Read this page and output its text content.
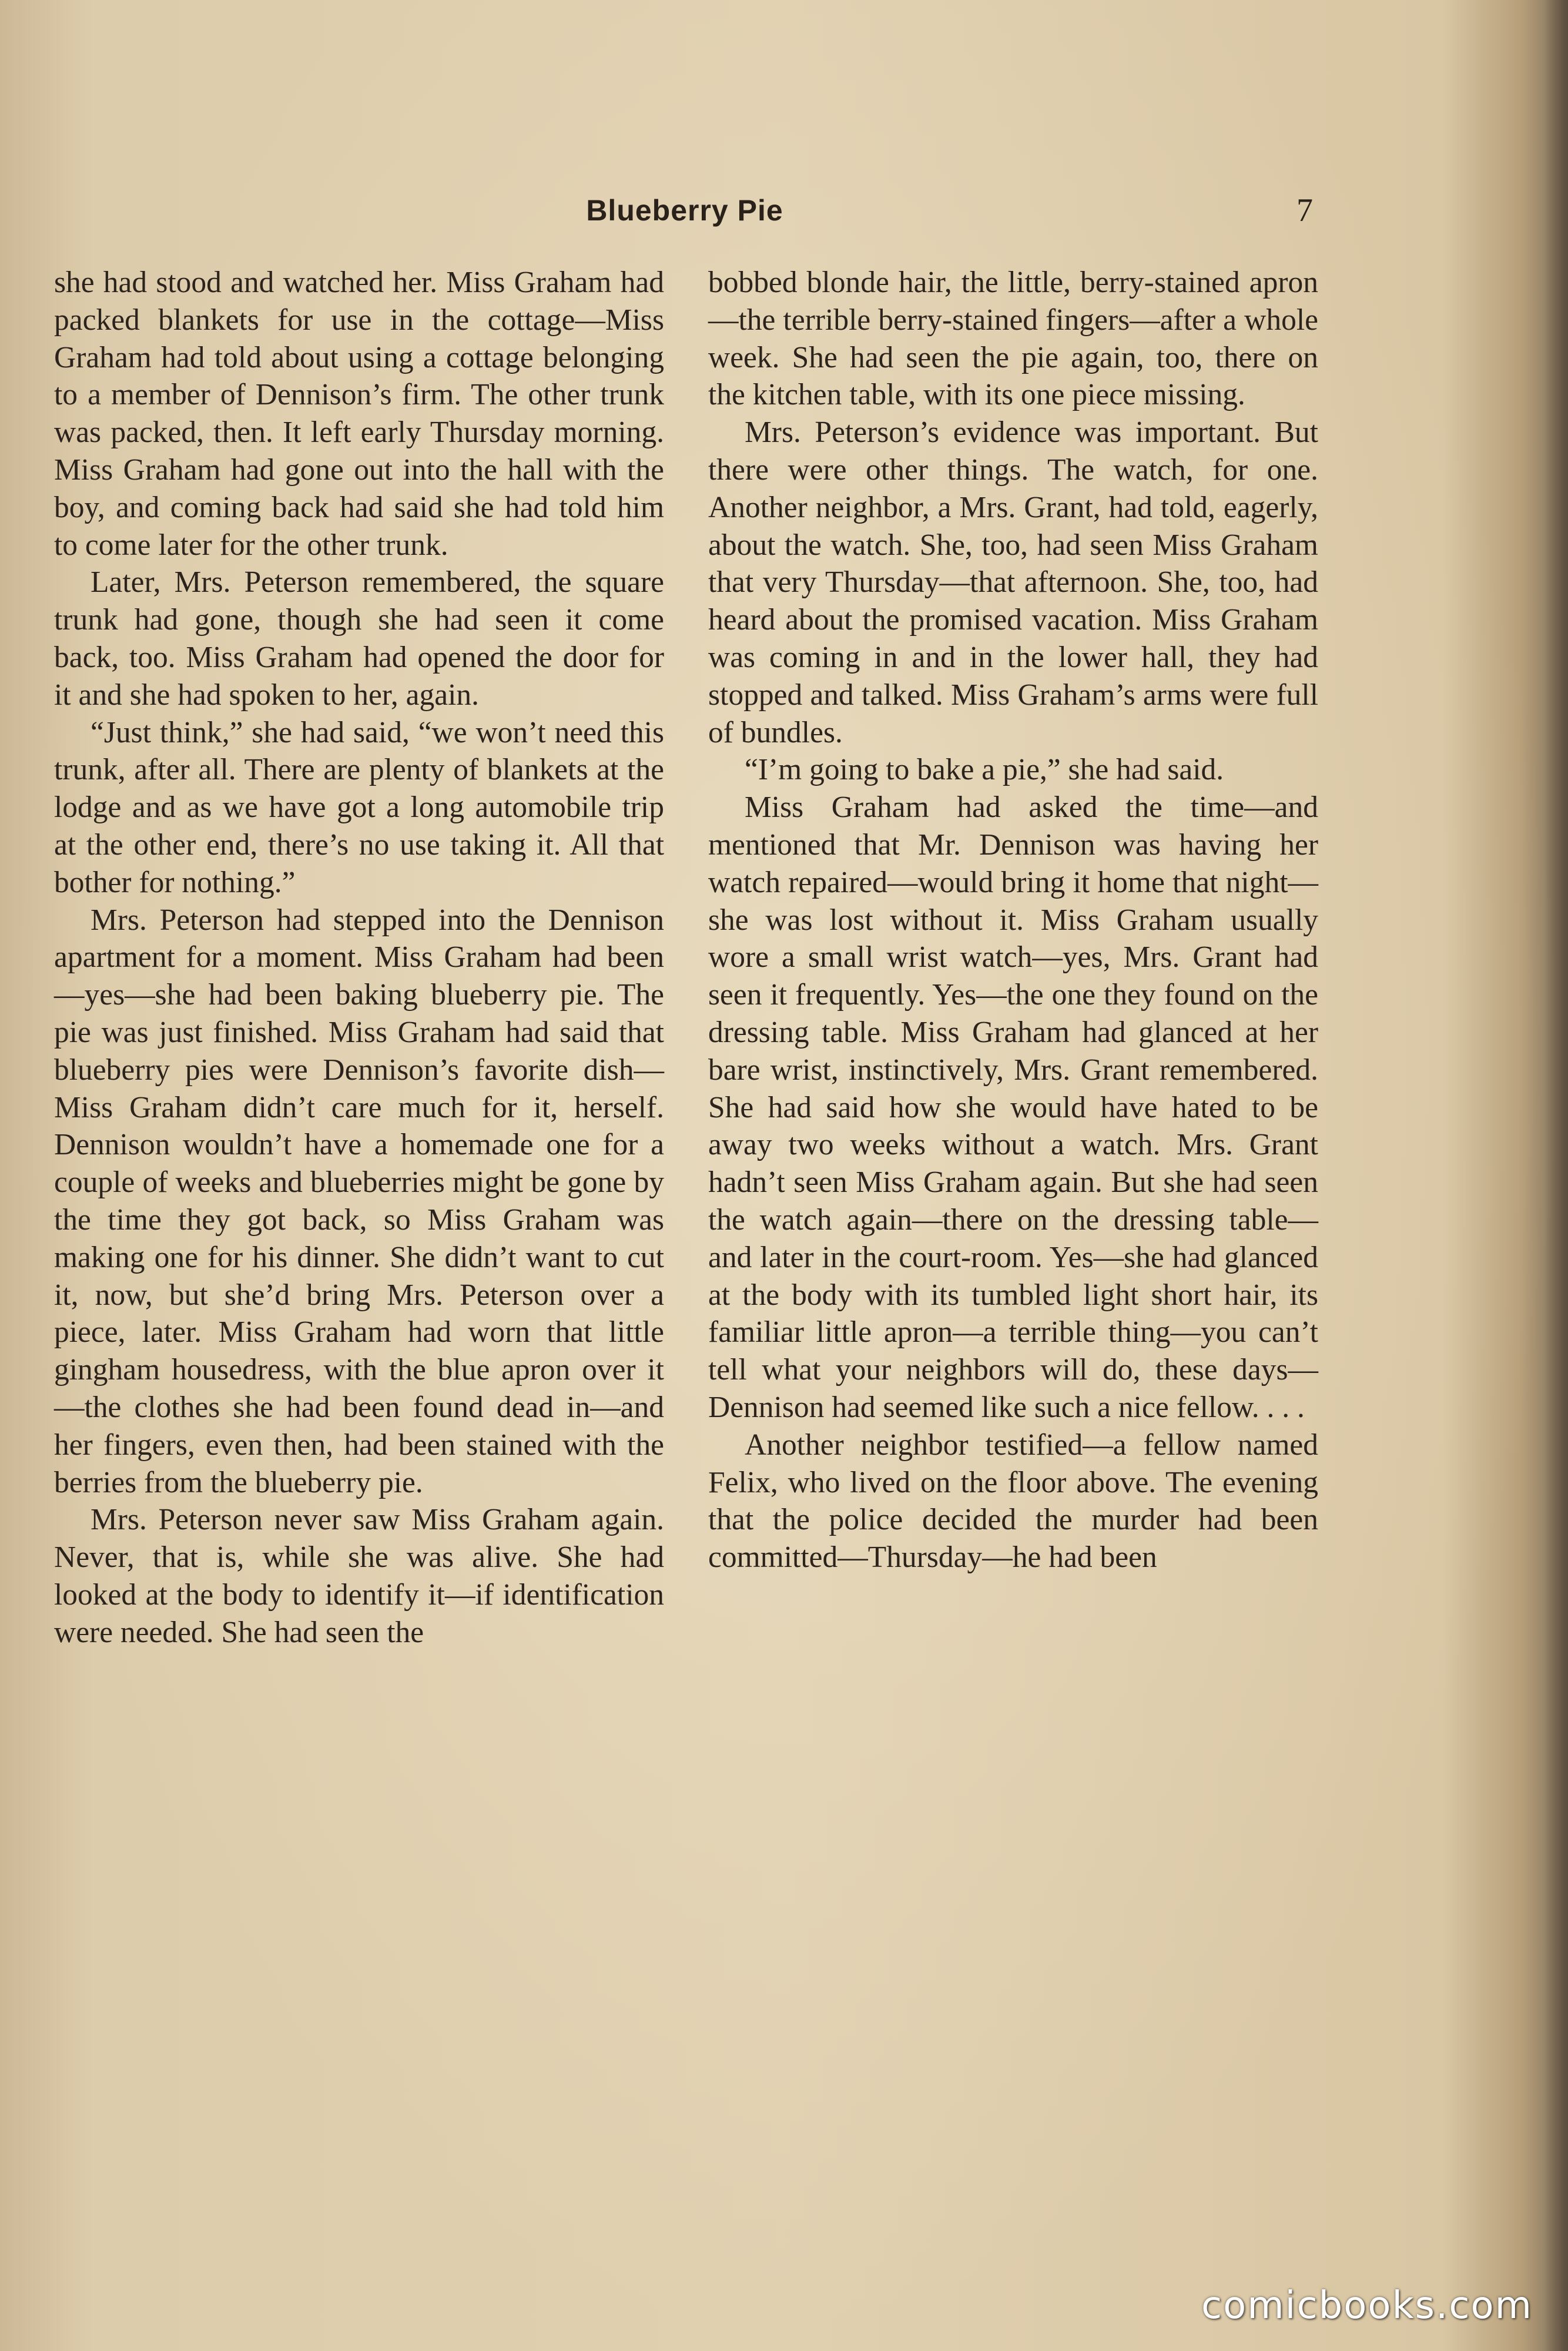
Blueberry Pie	7

she had stood and watched her. Miss Graham had packed blankets for use in the cottage—Miss Graham had told about using a cottage belonging to a member of Dennison’s firm. The other trunk was packed, then. It left early Thursday morning. Miss Graham had gone out into the hall with the boy, and coming back had said she had told him to come later for the other trunk.

Later, Mrs. Peterson remembered, the square trunk had gone, though she had seen it come back, too. Miss Graham had opened the door for it and she had spoken to her, again.

“Just think,” she had said, “we won’t need this trunk, after all. There are plenty of blankets at the lodge and as we have got a long automobile trip at the other end, there’s no use taking it. All that bother for nothing.”

Mrs. Peterson had stepped into the Dennison apartment for a moment. Miss Graham had been—yes—she had been baking blueberry pie. The pie was just finished. Miss Graham had said that blueberry pies were Dennison’s favorite dish—Miss Graham didn’t care much for it, herself. Dennison wouldn’t have a homemade one for a couple of weeks and blueberries might be gone by the time they got back, so Miss Graham was making one for his dinner. She didn’t want to cut it, now, but she’d bring Mrs. Peterson over a piece, later. Miss Graham had worn that little gingham housedress, with the blue apron over it—the clothes she had been found dead in—and her fingers, even then, had been stained with the berries from the blueberry pie.

Mrs. Peterson never saw Miss Graham again. Never, that is, while she was alive. She had looked at the body to identify it—if identification were needed. She had seen the

bobbed blonde hair, the little, berry-stained apron—the terrible berry-stained fingers—after a whole week. She had seen the pie again, too, there on the kitchen table, with its one piece missing.

Mrs. Peterson’s evidence was important. But there were other things. The watch, for one. Another neighbor, a Mrs. Grant, had told, eagerly, about the watch. She, too, had seen Miss Graham that very Thursday—that afternoon. She, too, had heard about the promised vacation. Miss Graham was coming in and in the lower hall, they had stopped and talked. Miss Graham’s arms were full of bundles.

“I’m going to bake a pie,” she had said.

Miss Graham had asked the time—and mentioned that Mr. Dennison was having her watch repaired—would bring it home that night—she was lost without it. Miss Graham usually wore a small wrist watch—yes, Mrs. Grant had seen it frequently. Yes—the one they found on the dressing table. Miss Graham had glanced at her bare wrist, instinctively, Mrs. Grant remembered. She had said how she would have hated to be away two weeks without a watch. Mrs. Grant hadn’t seen Miss Graham again. But she had seen the watch again—there on the dressing table—and later in the court-room. Yes—she had glanced at the body with its tumbled light short hair, its familiar little apron—a terrible thing—you can’t tell what your neighbors will do, these days—Dennison had seemed like such a nice fellow. . . .

Another neighbor testified—a fellow named Felix, who lived on the floor above. The evening that the police decided the murder had been committed—Thursday—he had been

comicbooks.com
